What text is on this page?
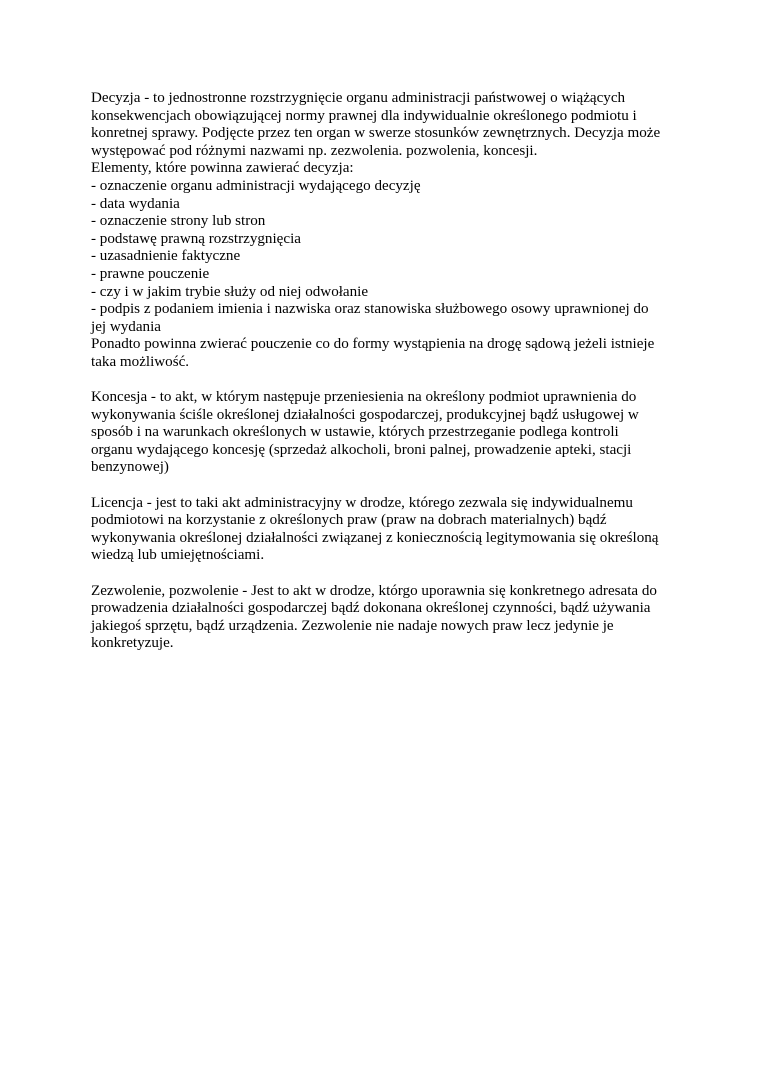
Decyzja - to jednostronne rozstrzygnięcie organu administracji państwowej o wiążących
konsekwencjach obowiązującej normy prawnej dla indywidualnie określonego podmiotu i
konretnej sprawy. Podjęcte przez ten organ w swerze stosunków zewnętrznych. Decyzja może
występować pod różnymi nazwami np. zezwolenia. pozwolenia, koncesji.
Elementy, które powinna zawierać decyzja:
- oznaczenie organu administracji wydającego decyzję
- data wydania
- oznaczenie strony lub stron
- podstawę prawną rozstrzygnięcia
- uzasadnienie faktyczne
- prawne pouczenie
- czy i w jakim trybie służy od niej odwołanie
- podpis z podaniem imienia i nazwiska oraz stanowiska służbowego osowy uprawnionej do
jej wydania
Ponadto powinna zwierać pouczenie co do formy wystąpienia na drogę sądową jeżeli istnieje
taka możliwość.

Koncesja - to akt, w którym następuje przeniesienia na określony podmiot uprawnienia do
wykonywania ściśle określonej działalności gospodarczej, produkcyjnej bądź usługowej w
sposób i na warunkach określonych w ustawie, których przestrzeganie podlega kontroli
organu wydającego koncesję (sprzedaż alkocholi, broni palnej, prowadzenie apteki, stacji
benzynowej)

Licencja - jest to taki akt administracyjny w drodze, którego zezwala się indywidualnemu
podmiotowi na korzystanie z określonych praw (praw na dobrach materialnych) bądź
wykonywania określonej działalności związanej z koniecznością legitymowania się określoną
wiedzą lub umiejętnościami.

Zezwolenie, pozwolenie - Jest to akt w drodze, którgo uporawnia się konkretnego adresata do
prowadzenia działalności gospodarczej bądź dokonana określonej czynności, bądź używania
jakiegoś sprzętu, bądź urządzenia. Zezwolenie nie nadaje nowych praw lecz jedynie je
konkretyzuje.
